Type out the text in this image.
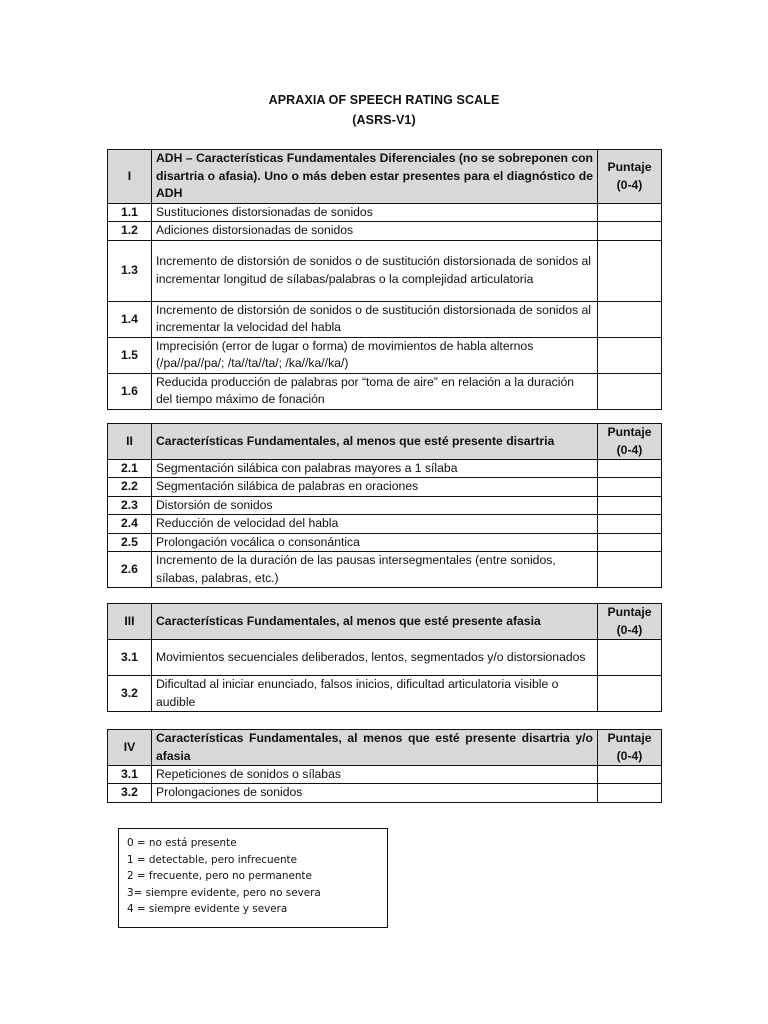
APRAXIA OF SPEECH RATING SCALE
(ASRS-V1)
I	ADH – Características Fundamentales Diferenciales (no se sobreponen con disartria o afasia). Uno o más deben estar presentes para el diagnóstico de ADH	Puntaje (0-4)
1.1	Sustituciones distorsionadas de sonidos	
1.2	Adiciones distorsionadas de sonidos	
1.3	Incremento de distorsión de sonidos o de sustitución distorsionada de sonidos al incrementar longitud de sílabas/palabras o la complejidad articulatoria	
1.4	Incremento de distorsión de sonidos o de sustitución distorsionada de sonidos al incrementar la velocidad del habla	
1.5	Imprecisión (error de lugar o forma) de movimientos de habla alternos (/pa//pa//pa/; /ta//ta//ta/; /ka//ka//ka/)	
1.6	Reducida producción de palabras por “toma de aire” en relación a la duración del tiempo máximo de fonación	
II	Características Fundamentales, al menos que esté presente disartria	Puntaje (0-4)
2.1	Segmentación silábica con palabras mayores a 1 sílaba	
2.2	Segmentación silábica de palabras en oraciones	
2.3	Distorsión de sonidos	
2.4	Reducción de velocidad del habla	
2.5	Prolongación vocálica o consonántica	
2.6	Incremento de la duración de las pausas intersegmentales (entre sonidos, sílabas, palabras, etc.)	
III	Características Fundamentales, al menos que esté presente afasia	Puntaje (0-4)
3.1	Movimientos secuenciales deliberados, lentos, segmentados y/o distorsionados	
3.2	Dificultad al iniciar enunciado, falsos inicios, dificultad articulatoria visible o audible	
IV	Características Fundamentales, al menos que esté presente disartria y/o afasia	Puntaje (0-4)
3.1	Repeticiones de sonidos o sílabas	
3.2	Prolongaciones de sonidos	
0 = no está presente
1 = detectable, pero infrecuente
2 = frecuente, pero no permanente
3= siempre evidente, pero no severa
4 = siempre evidente y severa
